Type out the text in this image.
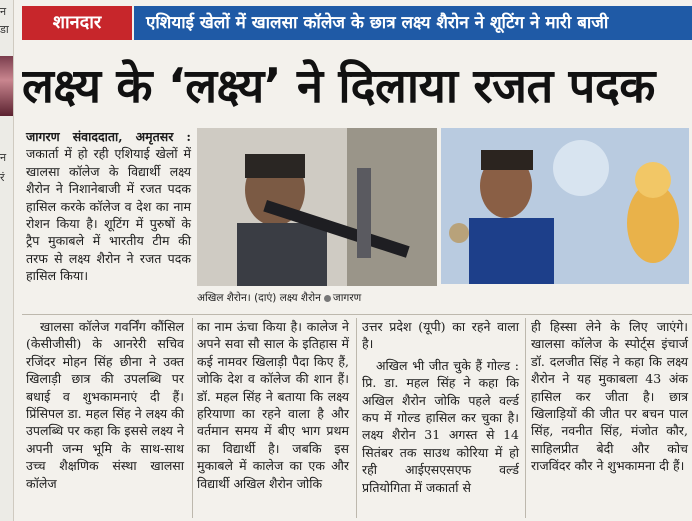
न
डा
न
रं
शानदार	एशियाई खेलों में खालसा कॉलेज के छात्र लक्ष्य शैरोन ने शूटिंग ने मारी बाजी
लक्ष्य के ‘लक्ष्य’ ने दिलाया रजत पदक

जागरण संवाददाता, अमृतसर : जकार्ता में हो रही एशियाई खेलों में खालसा कॉलेज के विद्यार्थी लक्ष्य शैरोन ने निशानेबाजी में रजत पदक हासिल करके कॉलेज व देश का नाम रोशन किया है। शूटिंग में पुरुषों के ट्रैप मुकाबले में भारतीय टीम की तरफ से लक्ष्य शैरोन ने रजत पदक हासिल किया।

अखिल शैरोन। (दाएं) लक्ष्य शैरोन जागरण

खालसा कॉलेज गवर्निंग कौंसिल (केसीजीसी) के आनरेरी सचिव रजिंदर मोहन सिंह छीना ने उक्त खिलाड़ी छात्र की उपलब्धि पर बधाई व शुभकामनाएं दी हैं। प्रिंसिपल डा. महल सिंह ने लक्ष्य की उपलब्धि पर कहा कि इससे लक्ष्य ने अपनी जन्म भूमि के साथ-साथ उच्च शैक्षणिक संस्था खालसा कॉलेज

का नाम ऊंचा किया है। कालेज ने अपने सवा सौ साल के इतिहास में कई नामवर खिलाड़ी पैदा किए हैं, जोकि देश व कॉलेज की शान हैं। डॉ. महल सिंह ने बताया कि लक्ष्य हरियाणा का रहने वाला है और वर्तमान समय में बीए भाग प्रथम का विद्यार्थी है। जबकि इस मुकाबले में कालेज का एक और विद्यार्थी अखिल शैरोन जोकि

उत्तर प्रदेश (यूपी) का रहने वाला है।

अखिल भी जीत चुके हैं गोल्ड : प्रि. डा. महल सिंह ने कहा कि अखिल शैरोन जोकि पहले वर्ल्ड कप में गोल्ड हासिल कर चुका है। लक्ष्य शैरोन 31 अगस्त से 14 सितंबर तक साउथ कोरिया में हो रही आईएसएसएफ वर्ल्ड प्रतियोगिता में जकार्ता से

ही हिस्सा लेने के लिए जाएंगे। खालसा कॉलेज के स्पोर्ट्स इंचार्ज डॉ. दलजीत सिंह ने कहा कि लक्ष्य शैरोन ने यह मुकाबला 43 अंक हासिल कर जीता है। छात्र खिलाड़ियों की जीत पर बचन पाल सिंह, नवनीत सिंह, मंजोत कौर, साहिलप्रीत बेदी और कोच राजविंदर कौर ने शुभकामना दी हैं।
